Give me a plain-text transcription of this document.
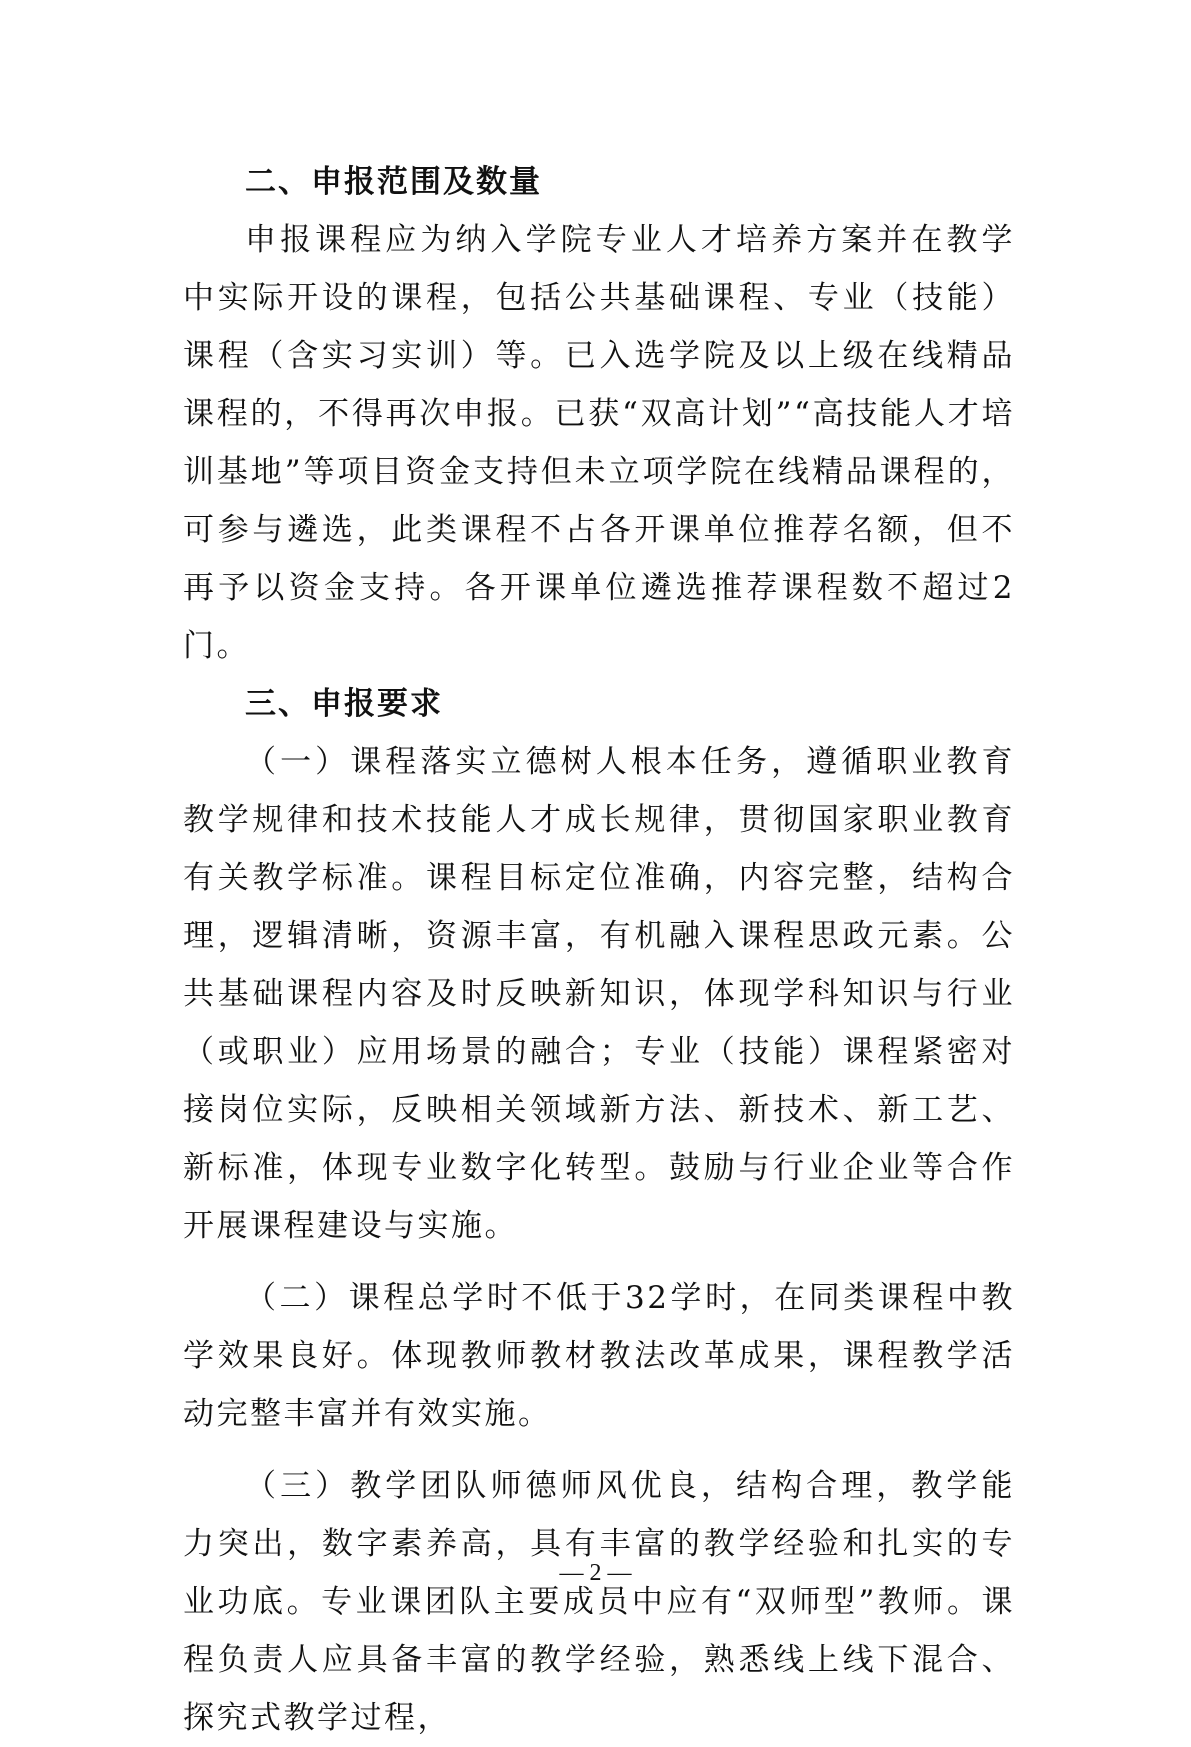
二、申报范围及数量

申报课程应为纳入学院专业人才培养方案并在教学中实际开设的课程，包括公共基础课程、专业（技能）课程（含实习实训）等。已入选学院及以上级在线精品课程的，不得再次申报。已获“双高计划”“高技能人才培训基地”等项目资金支持但未立项学院在线精品课程的，可参与遴选，此类课程不占各开课单位推荐名额，但不再予以资金支持。各开课单位遴选推荐课程数不超过2门。

三、申报要求

（一）课程落实立德树人根本任务，遵循职业教育教学规律和技术技能人才成长规律，贯彻国家职业教育有关教学标准。课程目标定位准确，内容完整，结构合理，逻辑清晰，资源丰富，有机融入课程思政元素。公共基础课程内容及时反映新知识，体现学科知识与行业（或职业）应用场景的融合；专业（技能）课程紧密对接岗位实际，反映相关领域新方法、新技术、新工艺、新标准，体现专业数字化转型。鼓励与行业企业等合作开展课程建设与实施。

（二）课程总学时不低于32学时，在同类课程中教学效果良好。体现教师教材教法改革成果，课程教学活动完整丰富并有效实施。

（三）教学团队师德师风优良，结构合理，教学能力突出，数字素养高，具有丰富的教学经验和扎实的专业功底。专业课团队主要成员中应有“双师型”教师。课程负责人应具备丰富的教学经验，熟悉线上线下混合、探究式教学过程，

— 2 —
